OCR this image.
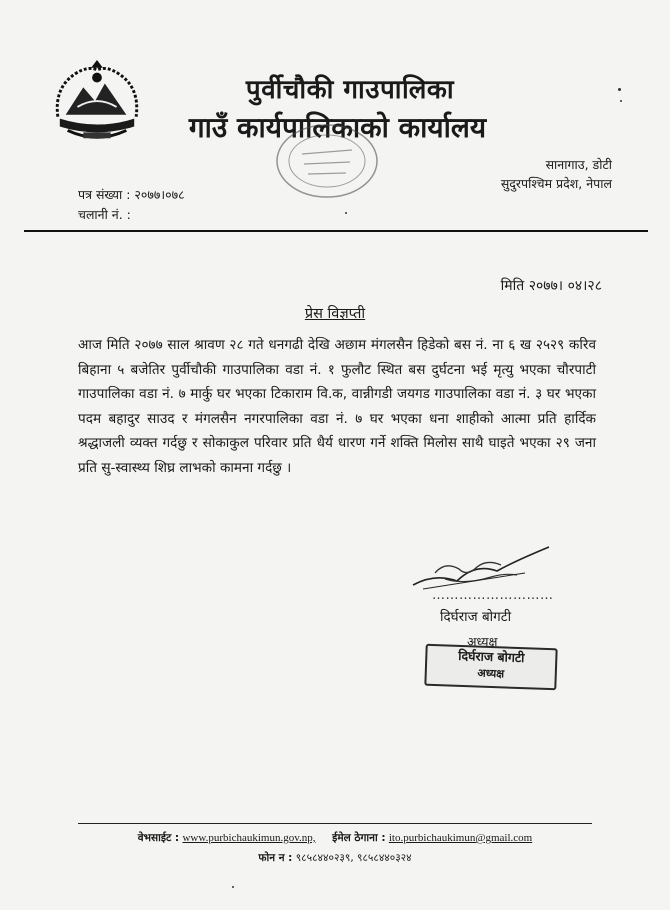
पुर्वीचौकी गाउपालिका
गाउँ कार्यपालिकाको कार्यालय
सानागाउ, डोटी
सुदुरपश्चिम प्रदेश, नेपाल
पत्र संख्या : २०७७।०७८
चलानी नं. :
मिति २०७७। ०४।२८
प्रेस विज्ञप्ती

आज मिति २०७७ साल श्रावण २८ गते धनगढी देखि अछाम मंगलसैन हिडेको बस नं. ना ६ ख २५२९ करिव बिहाना ५ बजेतिर पुर्वीचौकी गाउपालिका वडा नं. १ फुलौट स्थित बस दुर्घटना भई मृत्यु भएका चौरपाटी गाउपालिका वडा नं. ७ मार्कु घर भएका टिकाराम वि.क, वान्नीगडी जयगड गाउपालिका वडा नं. ३ घर भएका पदम बहादुर साउद र मंगलसैन नगरपालिका वडा नं. ७ घर भएका धना शाहीको आत्मा प्रति हार्दिक श्रद्धाजली व्यक्त गर्दछु र सोकाकुल परिवार प्रति धैर्य धारण गर्ने शक्ति मिलोस साथै घाइते भएका २९ जना प्रति सु-स्वास्थ्य शिघ्र लाभको कामना गर्दछु ।

………………………
दिर्घराज बोगटी
अध्यक्ष
दिर्घराज बोगटी
अध्यक्ष
वेभसाईट : www.purbichaukimun.gov.np, ईमेल ठेगाना : ito.purbichaukimun@gmail.com
फोन न : ९८५८४४०२३९, ९८५८४४०३२४
